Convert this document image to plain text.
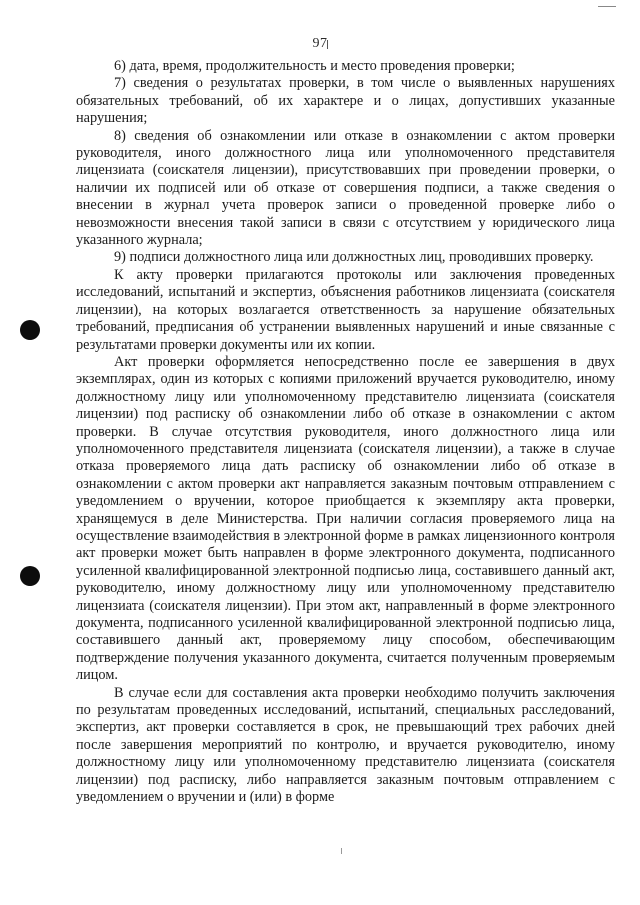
97

6) дата, время, продолжительность и место проведения проверки;

7) сведения о результатах проверки, в том числе о выявленных нарушениях обязательных требований, об их характере и о лицах, допустивших указанные нарушения;

8) сведения об ознакомлении или отказе в ознакомлении с актом проверки руководителя, иного должностного лица или уполномоченного представителя лицензиата (соискателя лицензии), присутствовавших при проведении проверки, о наличии их подписей или об отказе от совершения подписи, а также сведения о внесении в журнал учета проверок записи о проведенной проверке либо о невозможности внесения такой записи в связи с отсутствием у юридического лица указанного журнала;

9) подписи должностного лица или должностных лиц, проводивших проверку.

К акту проверки прилагаются протоколы или заключения проведенных исследований, испытаний и экспертиз, объяснения работников лицензиата (соискателя лицензии), на которых возлагается ответственность за нарушение обязательных требований, предписания об устранении выявленных нарушений и иные связанные с результатами проверки документы или их копии.

Акт проверки оформляется непосредственно после ее завершения в двух экземплярах, один из которых с копиями приложений вручается руководителю, иному должностному лицу или уполномоченному представителю лицензиата (соискателя лицензии) под расписку об ознакомлении либо об отказе в ознакомлении с актом проверки. В случае отсутствия руководителя, иного должностного лица или уполномоченного представителя лицензиата (соискателя лицензии), а также в случае отказа проверяемого лица дать расписку об ознакомлении либо об отказе в ознакомлении с актом проверки акт направляется заказным почтовым отправлением с уведомлением о вручении, которое приобщается к экземпляру акта проверки, хранящемуся в деле Министерства. При наличии согласия проверяемого лица на осуществление взаимодействия в электронной форме в рамках лицензионного контроля акт проверки может быть направлен в форме электронного документа, подписанного усиленной квалифицированной электронной подписью лица, составившего данный акт, руководителю, иному должностному лицу или уполномоченному представителю лицензиата (соискателя лицензии). При этом акт, направленный в форме электронного документа, подписанного усиленной квалифицированной электронной подписью лица, составившего данный акт, проверяемому лицу способом, обеспечивающим подтверждение получения указанного документа, считается полученным проверяемым лицом.

В случае если для составления акта проверки необходимо получить заключения по результатам проведенных исследований, испытаний, специальных расследований, экспертиз, акт проверки составляется в срок, не превышающий трех рабочих дней после завершения мероприятий по контролю, и вручается руководителю, иному должностному лицу или уполномоченному представителю лицензиата (соискателя лицензии) под расписку, либо направляется заказным почтовым отправлением с уведомлением о вручении и (или) в форме
